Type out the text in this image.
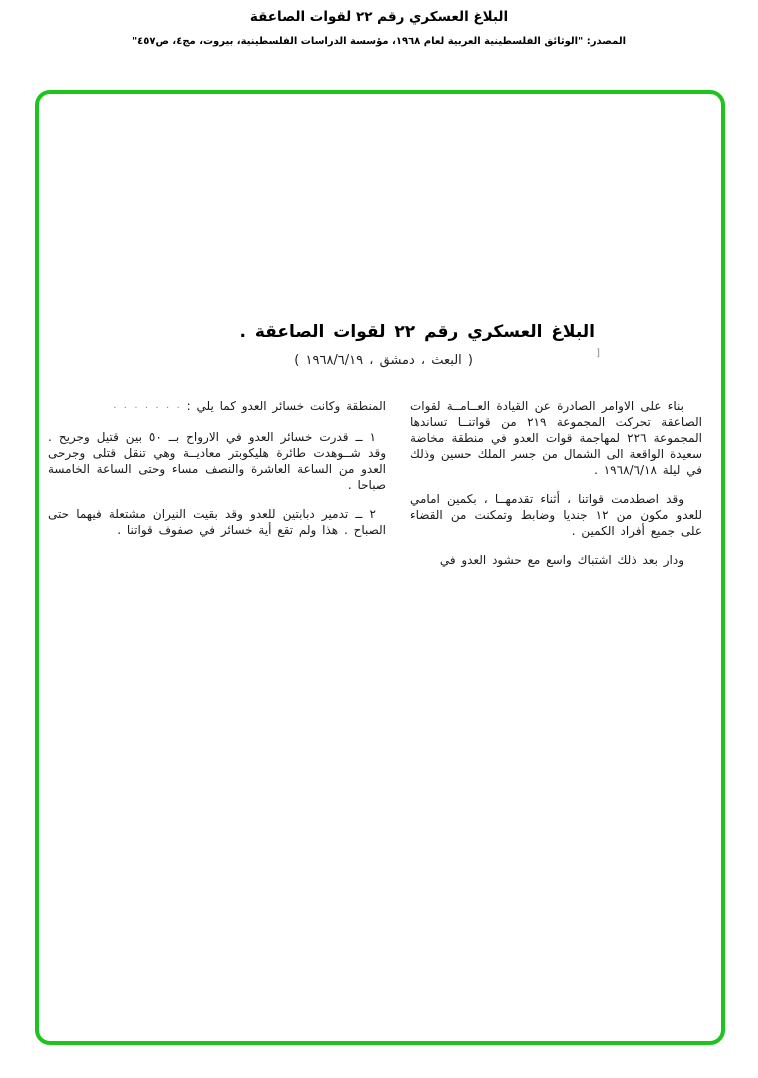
البلاغ العسكري رقم ٢٢ لقوات الصاعقة
المصدر: "الوثائق الفلسطينية العربية لعام ١٩٦٨، مؤسسة الدراسات الفلسطينية، بيروت، مج٤، ص٤٥٧"
البلاغ العسكري رقم ٢٢ لقوات الصاعقة .
( البعث ، دمشق ، ١٩٦٨/٦/١٩ )	[

بناء على الاوامر الصادرة عن القيادة العــامــة لقوات الصاعقة تحركت المجموعة ٢١٩ من قواتنــا تساندها المجموعة ٢٢٦ لمهاجمة قوات العدو في منطقة مخاضة سعيدة الواقعة الى الشمال من جسر الملك حسين وذلك في ليلة ١٩٦٨/٦/١٨ .

وقد اصطدمت قواتنا ، أثناء تقدمهــا ، بكمين امامي للعدو مكون من ١٢ جنديا وضابط وتمكنت من القضاء على جميع أفراد الكمين .

ودار بعد ذلك اشتباك واسع مع حشود العدو في

المنطقة وكانت خسائر العدو كما يلي : ٠ ٠ ٠ ٠ ٠ ٠ ٠

١ ــ قدرت خسائر العدو في الارواح بــ ٥٠ بين قتيل وجريح . وقد شــوهدت طائرة هليكوبتر معاديــة وهي تنقل قتلى وجرحى العدو من الساعة العاشرة والنصف مساء وحتى الساعة الخامسة صباحا .

٢ ــ تدمير دبابتين للعدو وقد بقيت النيران مشتعلة فيهما حتى الصباح . هذا ولم تقع أية خسائر في صفوف قواتنا .
